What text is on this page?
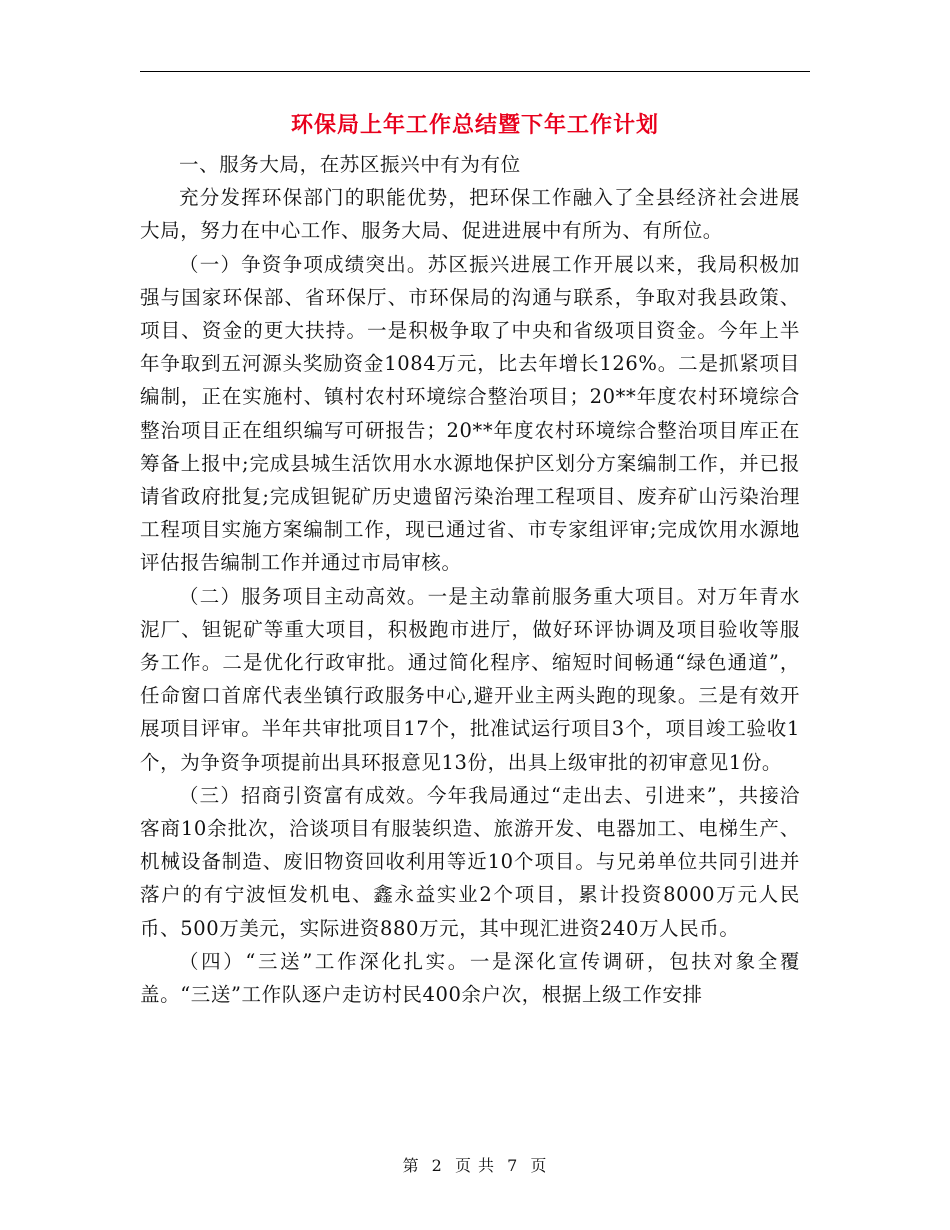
环保局上年工作总结暨下年工作计划

一、服务大局，在苏区振兴中有为有位

充分发挥环保部门的职能优势，把环保工作融入了全县经济社会进展大局，努力在中心工作、服务大局、促进进展中有所为、有所位。

（一）争资争项成绩突出。苏区振兴进展工作开展以来，我局积极加强与国家环保部、省环保厅、市环保局的沟通与联系，争取对我县政策、项目、资金的更大扶持。一是积极争取了中央和省级项目资金。今年上半年争取到五河源头奖励资金1084万元，比去年增长126%。二是抓紧项目编制，正在实施村、镇村农村环境综合整治项目；20**年度农村环境综合整治项目正在组织编写可研报告；20**年度农村环境综合整治项目库正在筹备上报中;完成县城生活饮用水水源地保护区划分方案编制工作，并已报请省政府批复;完成钽铌矿历史遗留污染治理工程项目、废弃矿山污染治理工程项目实施方案编制工作，现已通过省、市专家组评审;完成饮用水源地评估报告编制工作并通过市局审核。

（二）服务项目主动高效。一是主动靠前服务重大项目。对万年青水泥厂、钽铌矿等重大项目，积极跑市进厅，做好环评协调及项目验收等服务工作。二是优化行政审批。通过简化程序、缩短时间畅通“绿色通道”，任命窗口首席代表坐镇行政服务中心,避开业主两头跑的现象。三是有效开展项目评审。半年共审批项目17个，批准试运行项目3个，项目竣工验收1个，为争资争项提前出具环报意见13份，出具上级审批的初审意见1份。

（三）招商引资富有成效。今年我局通过“走出去、引进来”，共接洽客商10余批次，洽谈项目有服装织造、旅游开发、电器加工、电梯生产、机械设备制造、废旧物资回收利用等近10个项目。与兄弟单位共同引进并落户的有宁波恒发机电、鑫永益实业2个项目，累计投资8000万元人民币、500万美元，实际进资880万元，其中现汇进资240万人民币。

（四）“三送”工作深化扎实。一是深化宣传调研，包扶对象全覆盖。“三送”工作队逐户走访村民400余户次，根据上级工作安排

第 2 页 共 7 页
